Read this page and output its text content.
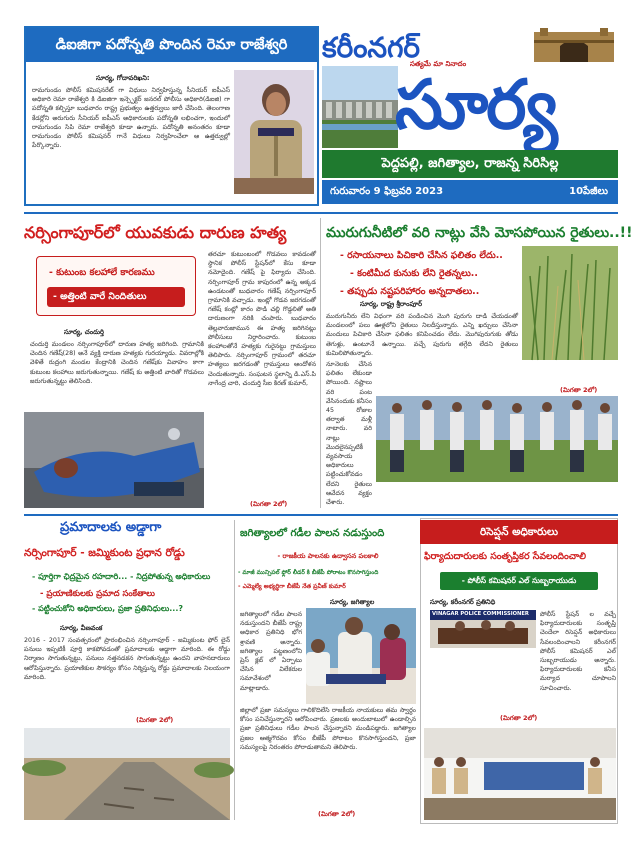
డిఐజిగా పదోన్నతి పొందిన రెమా రాజేశ్వరి
సూర్య, గోదావరిఖని:
రామగుండం పోలీస్ కమిషనరేట్ గా విధులు నిర్వహిస్తున్న సీనియర్ ఐపీఎస్ అధికారి రెమా రాజేశ్వరి కి డిఐజిగా ఇన్స్పెక్టర్ జనరల్ పోలీసు అధికారి(డిఐజి) గా పదోన్నతి కల్పిస్తూ బుధవారం రాష్ట్ర ప్రభుత్వం ఉత్తర్వులు జారీ చేసింది. తెలంగాణ కేడర్లోని అరుగురు సీనియర్ ఐపీఎస్ అధికారులకు పదోన్నతి లభించగా, ఇందులో రామగుండం సిపి రెమా రాజేశ్వరి కూడా ఉన్నారు. పదోన్నతి అనంతరం కూడా రామగుండం పోలీస్ కమిషనర్ గానే విధులు నిర్వహించేలా ఆ ఉత్తర్వుల్లో పేర్కొన్నారు.
కరీంనగర్
సత్యమే మా నినాదం
సూర్య
పెద్దపల్లి, జగిత్యాల, రాజన్న సిరిసిల్ల
గురువారం 9 ఫిబ్రవరి 2023	10పేజీలు
నర్సింగాపూర్‌లో యువకుడు దారుణ హత్య
- కుటుంబ కలహాలే కారణము
- అత్తింటి వారే నిందితులు
సూర్య, చందుర్తి
చందుర్తి మండలం నర్సింగాపూర్‌లో దారుణ హత్య జరిగింది. గ్రామానికి చెందిన గణేష్(28) అనే వ్యక్తి దారుణ హత్యకు గురయ్యాడు. వివరాల్లోకి వెళితే రుద్రంగి మండల కేంద్రానికి చెందిన గణేష్‌కు వివాహం కాగా కుటుంబ కలహాలు జరుగుతున్నాయి. గణేష్ కు అత్తింటి వారితో గొడవలు జరుగుతున్నట్టు తెలిసింది.
తరచూ కుటుంబంలో గొడవలు కావడంతో స్థానిక పోలీస్ స్టేషన్‌లో కేసు కూడా నమోదైంది. గణేష్ పై ఫిర్యాదు చేసింది. నర్సింగాపూర్ గ్రామ కాపురంలో ఉన్న అక్కడ ఉండటంతో బుధవారం గణేష్ నర్సింగాపూర్ గ్రామానికి వచ్చాడు. ఇంట్లో గొడవ జరగడంతో గణేష్ కంట్లో కారం పొడి చల్లి గొడ్డలితో అతి దారుణంగా నరికి చంపారు. బుధవారం తెల్లవారుజామున ఈ హత్య జరిగినట్లు పోలీసులు నిర్ధారించారు. కుటుంబ కలహాలతోనే హత్యకు గురైనట్టు గ్రామస్తులు తెలిపారు. నర్సింగాపూర్ గ్రామంలో తరచూ హత్యలు జరగడంతో గ్రామస్తులు ఆందోళన చెందుతున్నారు. సంఘటన స్థలాన్ని డి.ఎస్.పి నాగేంద్ర చారి, చందుర్తి సీఐ కిరణ్ కుమార్,
(మిగతా 2లో)
మురుగునీటిలో వరి నాట్లు వేసి మోసపోయిన రైతులు..!!
- రసాయనాలు పిచికారి చేసిన ఫలితం లేదు..
- కంటిమీద కునుకు లేని రైతన్నలు..
- తప్పుడు నష్టపరిహారం అన్నదాతలు..
సూర్య, రాష్ట్ర శ్రీరాంపూర్
మురుగునీరు లేని విధంగా వరి పండించిన మొగి పురుగు దాడి చేయడంతో మండలంలో పలు ఊళ్లలోని రైతులు నిలదీస్తున్నారు. ఎన్ని ఖర్చులు చేసినా మందులు పిచికారి చేసినా ఫలితం కనిపించడం లేదు. మొగిపురుగుకు తోడు తెగుళ్లు, ఉంటూనే ఉన్నాయి. వచ్చే పురుగు తగ్గేది లేదని రైతులు కుమిలిపోతున్నారు.
నూనెలకు చేసిన ఫలితం లేకుండా పోయింది. నష్టాలు వరి పంట వేసినందుకు కనీసం 45 రోజుల తర్వాత మళ్లీ నాటారు. వరి నాట్లు మొదలైనప్పటికీ వ్యవసాయ అధికారులు పట్టించుకోవడం లేదని రైతులు ఆవేదన వ్యక్తం చేశారు.
(మిగతా 2లో)
ప్రమాదాలకు అడ్డాగా
నర్సింగాపూర్ - జమ్మికుంట ప్రధాన రోడ్డు
- పూర్తిగా ఛిద్రమైన రహదారి... - నిద్రపోతున్న అధికారులు
- ప్రయాణికులకు ప్రమాద సంకేతాలు
- పట్టించుకోని అధికారులు, ప్రజా ప్రతినిధులు...?
సూర్య, వీణవంక
2016 - 2017 సంవత్సరంలో ప్రారంభించిన నర్సింగాపూర్ - జమ్మికుంట ఫోర్ లైన్ పనులు ఇప్పటికీ పూర్తి కాకపోవడంతో ప్రమాదాలకు అడ్డాగా మారింది. ఈ రోడ్డు నిర్మాణం సాగుతున్నట్టు, పనులు నత్తనడకన సాగుతున్నట్టు ఉందని వాహనదారులు ఆరోపిస్తున్నారు. ప్రయాణికుల సౌకర్యం కోసం నిర్మిస్తున్న రోడ్డు ప్రమాదాలకు నిలయంగా మారింది.
(మిగతా 2లో)
జగిత్యాలలో గడీల పాలన నడుస్తుంది
- రాజకీయ పాలనకు ఉద్వాసన పలకాలి
- మాజీ మున్సిపల్ ఫ్లోర్ లీడర్ కి బీజేపీ పోరాటం కొనసాగిస్తుంది
- ఎమ్మెల్యే అభ్యర్థిగా బీజేపీ నేత ప్రవీణ్ కుమార్
సూర్య, జగిత్యాల
జగిత్యాలలో గడీల పాలన నడుస్తుందని బీజేపీ రాష్ట్ర అధికార ప్రతినిధి భోగ శ్రావణి అన్నారు. జగిత్యాల పట్టణంలోని ప్రెస్ క్లబ్ లో ఏర్పాటు చేసిన విలేకరుల సమావేశంలో మాట్లాడారు.
జిల్లాలో ప్రజా సమస్యలు గాలికొదిలేసి రాజకీయ నాయకులు తమ స్వార్థం కోసం పనిచేస్తున్నారని ఆరోపించారు. ప్రజలకు అందుబాటులో ఉండాల్సిన ప్రజా ప్రతినిధులు గడీల పాలన చేస్తున్నారని మండిపడ్డారు. జగిత్యాల ప్రజల ఆత్మగౌరవం కోసం బీజేపీ పోరాటం కొనసాగిస్తుందని, ప్రజా సమస్యలపై నిరంతరం పోరాడుతామని తెలిపారు.
(మిగతా 2లో)
రిసెప్షన్ అధికారులు
ఫిర్యాదుదారులకు సంతృప్తికర సేవలందించాలి
- పోలీస్ కమిషనర్ ఎల్ సుబ్బరాయుడు
సూర్య, కరీంనగర్ ప్రతినిధి
పోలీస్ స్టేషన్ ల వచ్చే ఫిర్యాదుదారులకు సంతృప్తి చెందేలా రిసెప్షన్ అధికారులు సేవలందించాలని కరీంనగర్ పోలీస్ కమిషనర్ ఎల్ సుబ్బరాయుడు అన్నారు. ఫిర్యాదుదారులకు కనీస మర్యాద చూపాలని సూచించారు.
VINAGAR POLICE COMMISSIONER
(మిగతా 2లో)
